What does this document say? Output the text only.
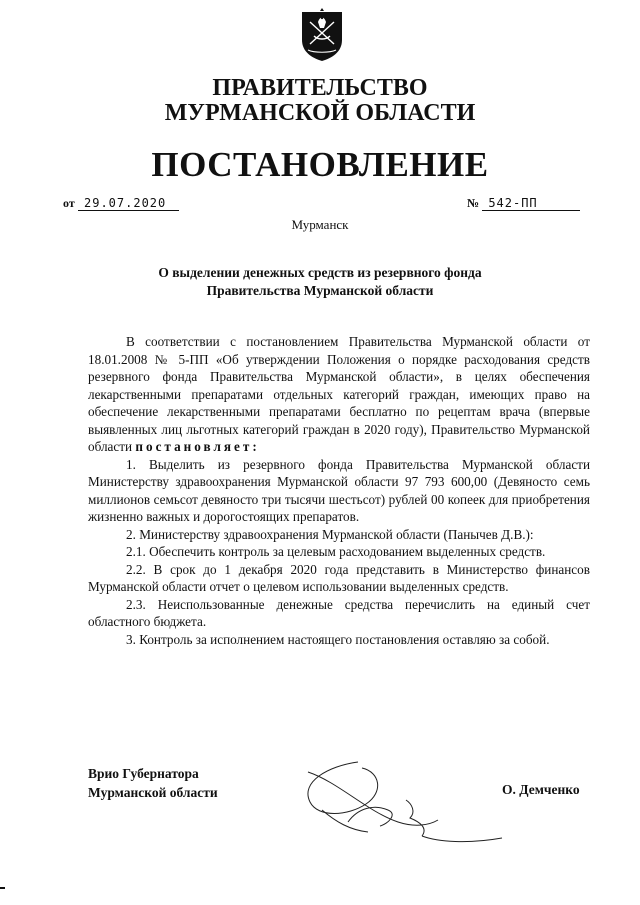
ПРАВИТЕЛЬСТВО
МУРМАНСКОЙ ОБЛАСТИ
ПОСТАНОВЛЕНИЕ
от 29.07.2020	№ 542-ПП
Мурманск
О выделении денежных средств из резервного фонда
Правительства Мурманской области

В соответствии с постановлением Правительства Мурманской области от 18.01.2008 № 5-ПП «Об утверждении Положения о порядке расходования средств резервного фонда Правительства Мурманской области», в целях обеспечения лекарственными препаратами отдельных категорий граждан, имеющих право на обеспечение лекарственными препаратами бесплатно по рецептам врача (впервые выявленных лиц льготных категорий граждан в 2020 году), Правительство Мурманской области постановляет:

1. Выделить из резервного фонда Правительства Мурманской области Министерству здравоохранения Мурманской области 97 793 600,00 (Девяносто семь миллионов семьсот девяносто три тысячи шестьсот) рублей 00 копеек для приобретения жизненно важных и дорогостоящих препаратов.

2. Министерству здравоохранения Мурманской области (Панычев Д.В.):

2.1. Обеспечить контроль за целевым расходованием выделенных средств.

2.2. В срок до 1 декабря 2020 года представить в Министерство финансов Мурманской области отчет о целевом использовании выделенных средств.

2.3. Неиспользованные денежные средства перечислить на единый счет областного бюджета.

3. Контроль за исполнением настоящего постановления оставляю за собой.

Врио Губернатора
Мурманской области	О. Демченко
